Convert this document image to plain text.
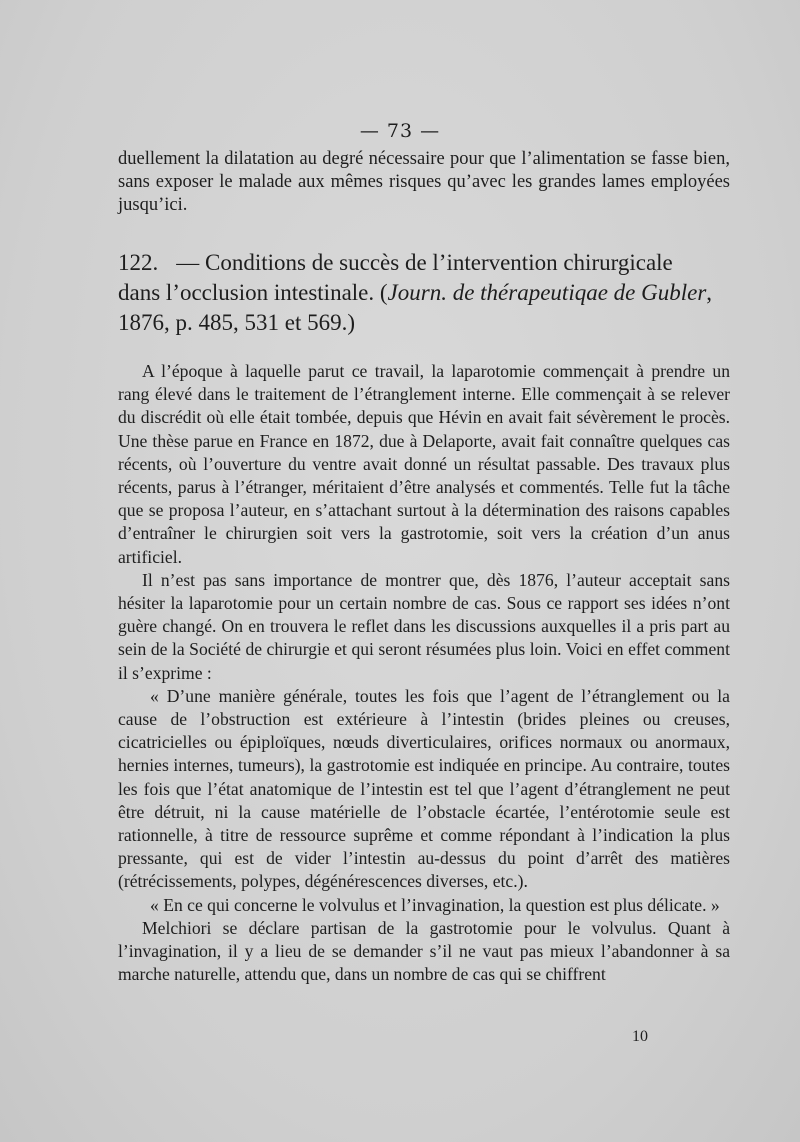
— 73 —
duellement la dilatation au degré nécessaire pour que l’alimentation se fasse bien, sans exposer le malade aux mêmes risques qu’avec les grandes lames employées jusqu’ici.
122. — Conditions de succès de l’intervention chirurgicale dans l’occlusion intestinale. (Journ. de thérapeutiqae de Gubler, 1876, p. 485, 531 et 569.)

A l’époque à laquelle parut ce travail, la laparotomie commençait à prendre un rang élevé dans le traitement de l’étranglement interne. Elle commençait à se relever du discrédit où elle était tombée, depuis que Hévin en avait fait sévèrement le procès. Une thèse parue en France en 1872, due à Delaporte, avait fait connaître quelques cas récents, où l’ouverture du ventre avait donné un résultat passable. Des travaux plus récents, parus à l’étranger, méritaient d’être analysés et commentés. Telle fut la tâche que se proposa l’auteur, en s’attachant surtout à la détermination des raisons capables d’entraîner le chirurgien soit vers la gastrotomie, soit vers la création d’un anus artificiel.

Il n’est pas sans importance de montrer que, dès 1876, l’auteur acceptait sans hésiter la laparotomie pour un certain nombre de cas. Sous ce rapport ses idées n’ont guère changé. On en trouvera le reflet dans les discussions auxquelles il a pris part au sein de la Société de chirurgie et qui seront résumées plus loin. Voici en effet comment il s’exprime :

« D’une manière générale, toutes les fois que l’agent de l’étranglement ou la cause de l’obstruction est extérieure à l’intestin (brides pleines ou creuses, cicatricielles ou épiploïques, nœuds diverticulaires, orifices normaux ou anormaux, hernies internes, tumeurs), la gastrotomie est indiquée en principe. Au contraire, toutes les fois que l’état anatomique de l’intestin est tel que l’agent d’étranglement ne peut être détruit, ni la cause matérielle de l’obstacle écartée, l’entérotomie seule est rationnelle, à titre de ressource suprême et comme répondant à l’indication la plus pressante, qui est de vider l’intestin au-dessus du point d’arrêt des matières (rétrécissements, polypes, dégénérescences diverses, etc.).

« En ce qui concerne le volvulus et l’invagination, la question est plus délicate. »

Melchiori se déclare partisan de la gastrotomie pour le volvulus. Quant à l’invagination, il y a lieu de se demander s’il ne vaut pas mieux l’abandonner à sa marche naturelle, attendu que, dans un nombre de cas qui se chiffrent

10
